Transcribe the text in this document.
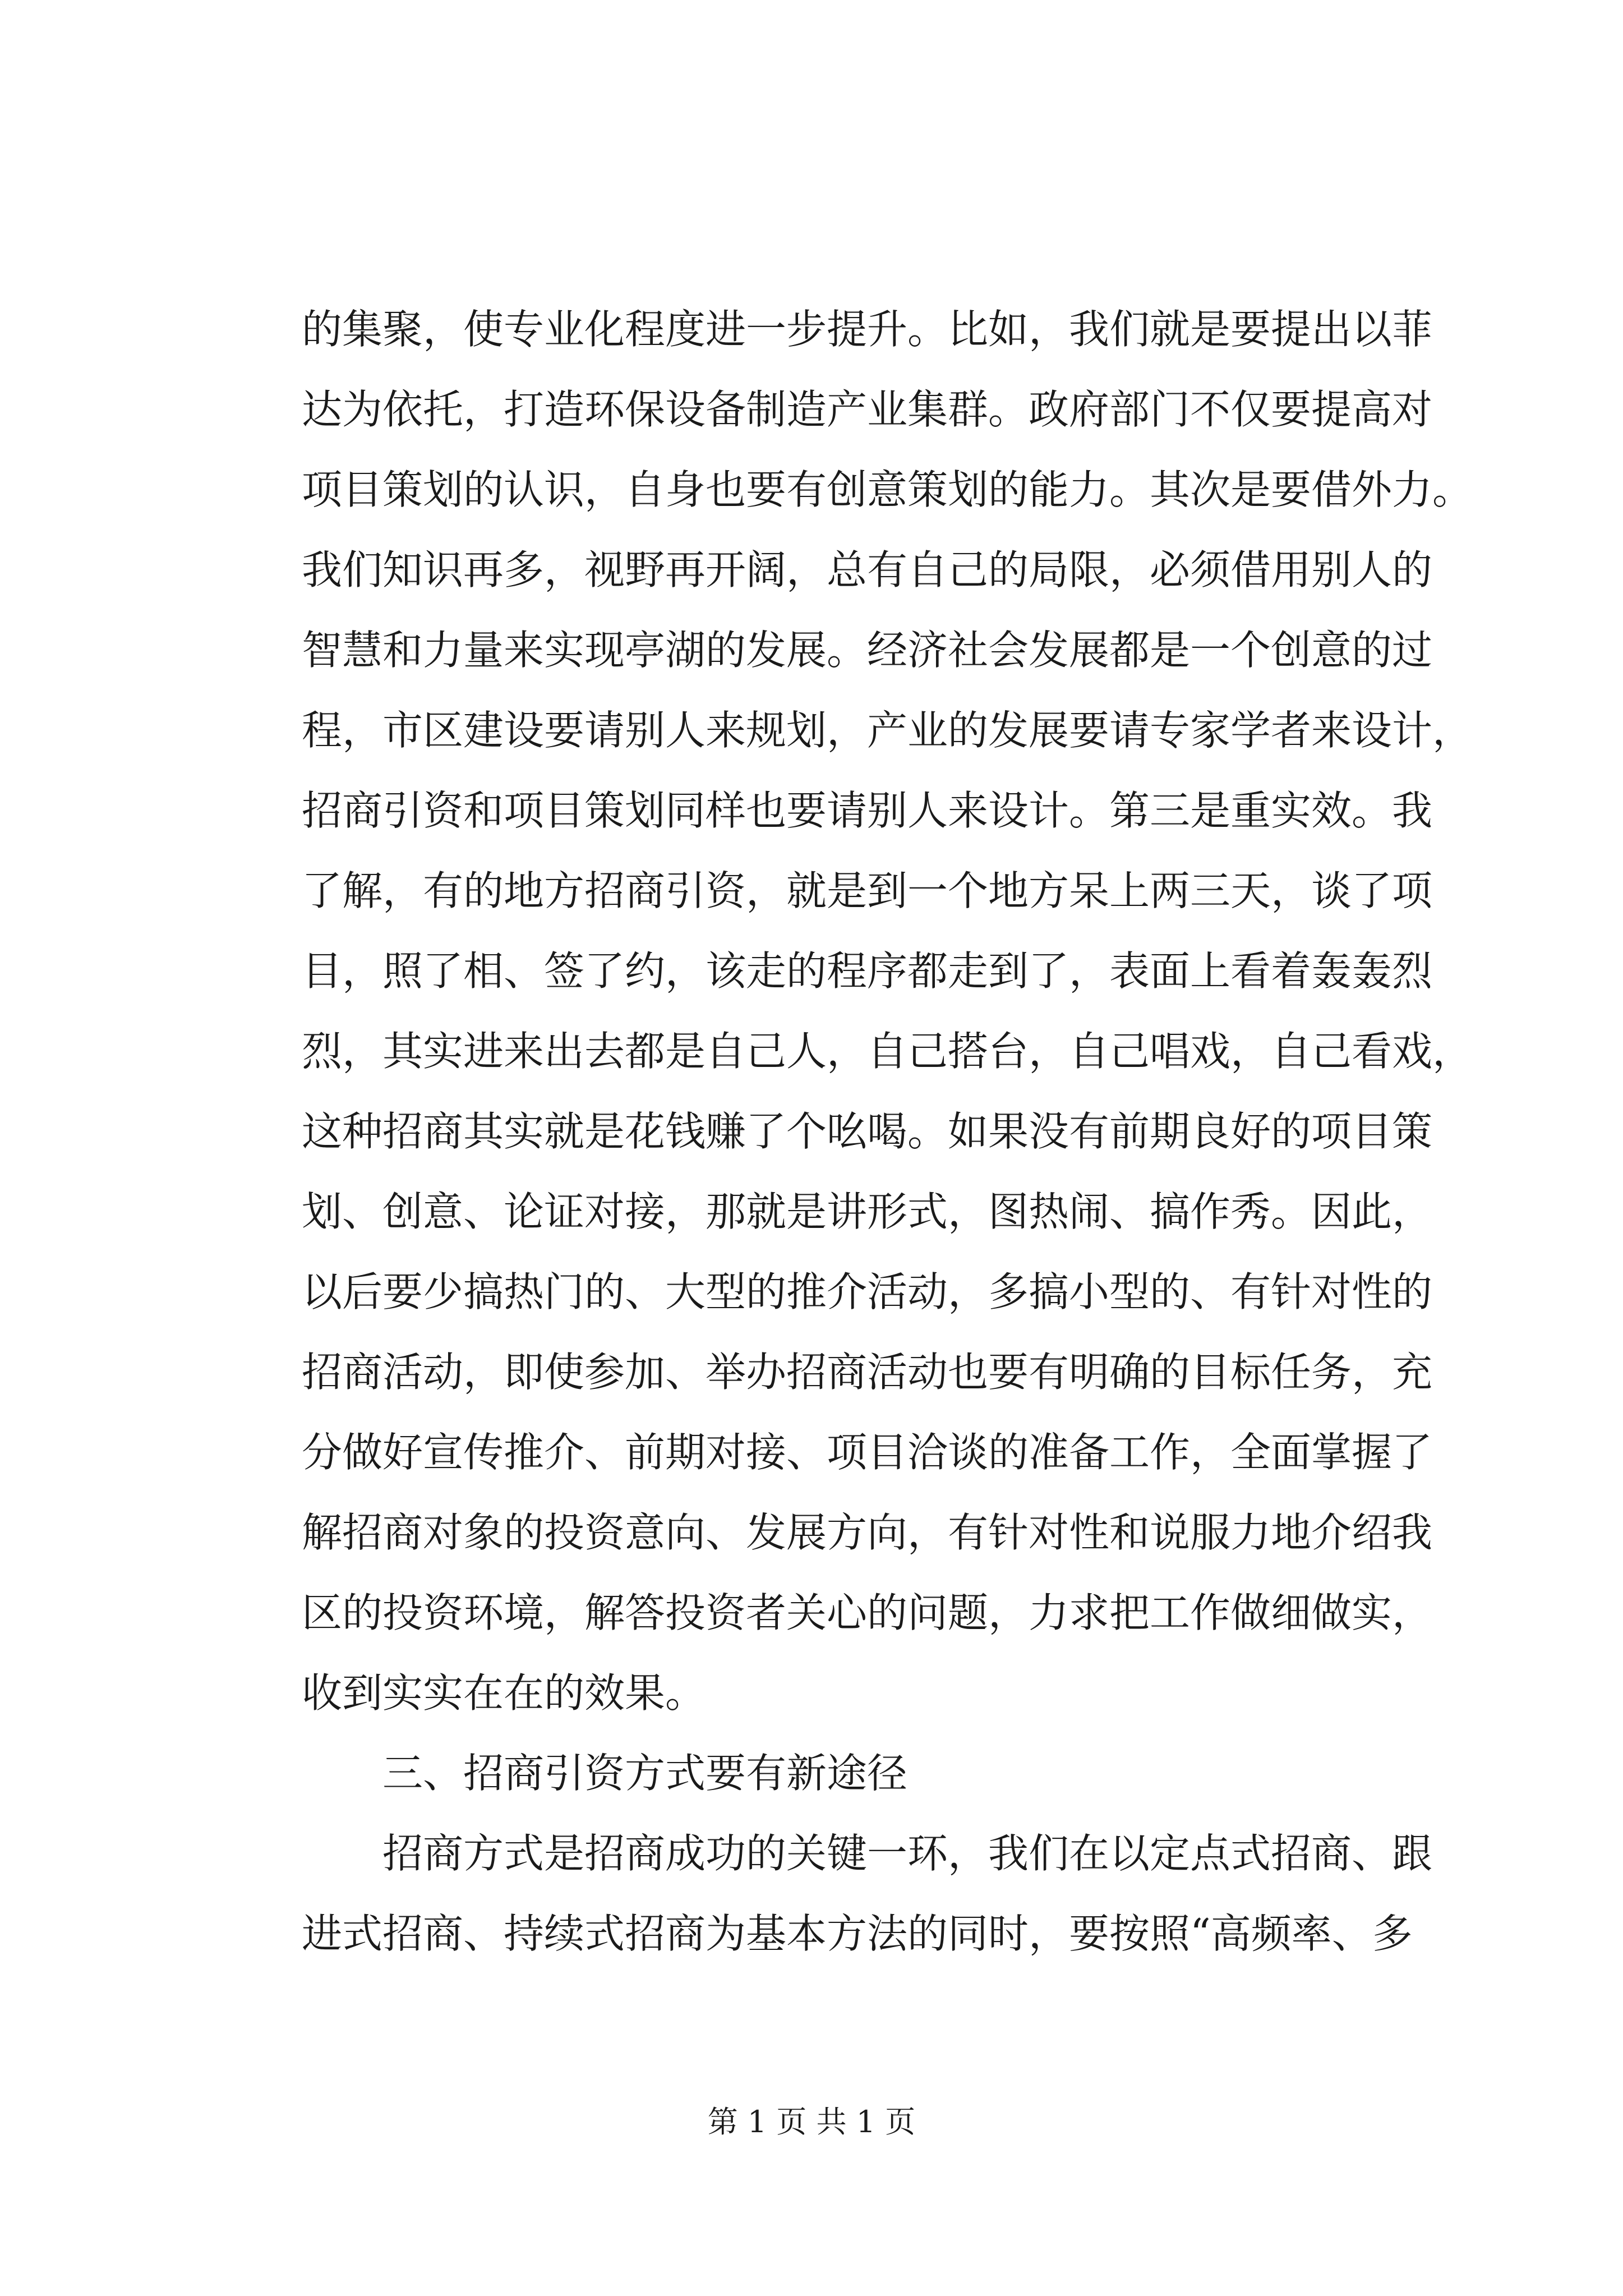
的集聚，使专业化程度进一步提升。比如，我们就是要提出以菲
达为依托，打造环保设备制造产业集群。政府部门不仅要提高对
项目策划的认识，自身也要有创意策划的能力。其次是要借外力。
我们知识再多，视野再开阔，总有自己的局限，必须借用别人的
智慧和力量来实现亭湖的发展。经济社会发展都是一个创意的过
程，市区建设要请别人来规划，产业的发展要请专家学者来设计，
招商引资和项目策划同样也要请别人来设计。第三是重实效。我
了解，有的地方招商引资，就是到一个地方呆上两三天，谈了项
目，照了相、签了约，该走的程序都走到了，表面上看着轰轰烈
烈，其实进来出去都是自己人，自己搭台，自己唱戏，自己看戏，
这种招商其实就是花钱赚了个吆喝。如果没有前期良好的项目策
划、创意、论证对接，那就是讲形式，图热闹、搞作秀。因此，
以后要少搞热门的、大型的推介活动，多搞小型的、有针对性的
招商活动，即使参加、举办招商活动也要有明确的目标任务，充
分做好宣传推介、前期对接、项目洽谈的准备工作，全面掌握了
解招商对象的投资意向、发展方向，有针对性和说服力地介绍我
区的投资环境，解答投资者关心的问题，力求把工作做细做实，
收到实实在在的效果。
　　三、招商引资方式要有新途径
　　招商方式是招商成功的关键一环，我们在以定点式招商、跟
进式招商、持续式招商为基本方法的同时，要按照“高频率、多
第 1 页 共 1 页
